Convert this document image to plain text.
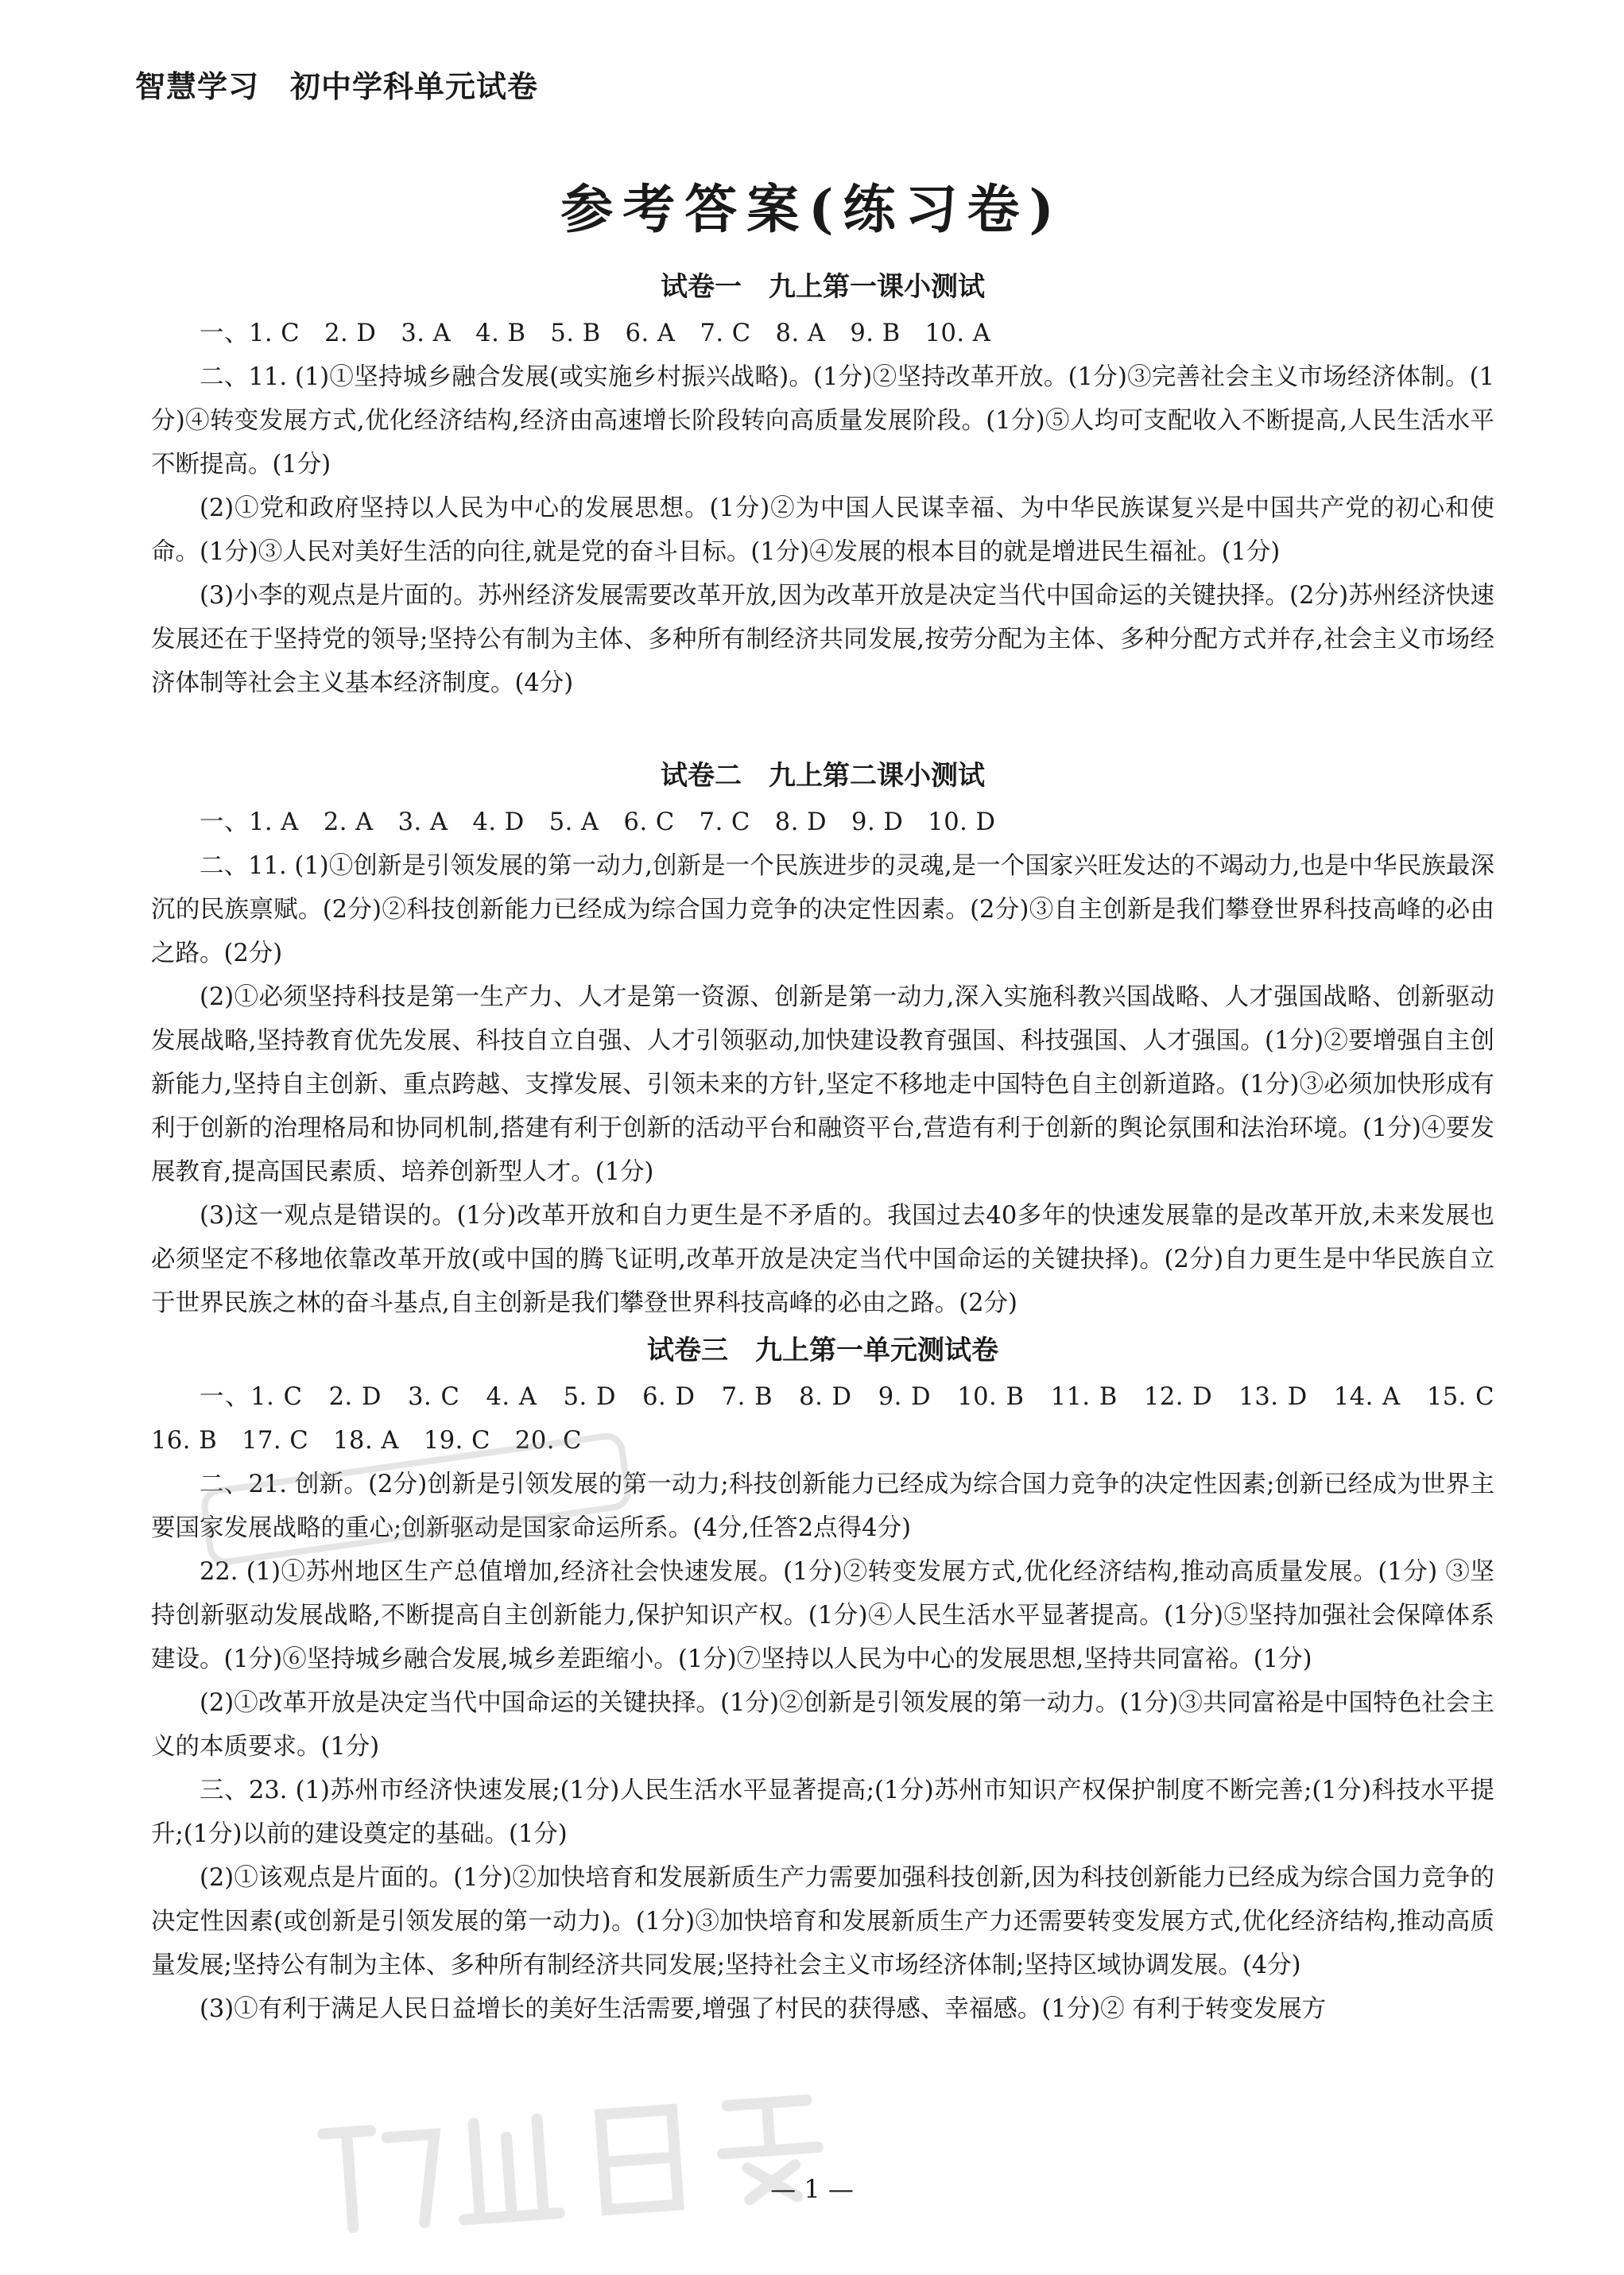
智慧学习　初中学科单元试卷
参考答案(练习卷)
试卷一　九上第一课小测试

一、1. C　2. D　3. A　4. B　5. B　6. A　7. C　8. A　9. B　10. A

二、11. (1)①坚持城乡融合发展(或实施乡村振兴战略)。(1分)②坚持改革开放。(1分)③完善社会主义市场经济体制。(1分)④转变发展方式,优化经济结构,经济由高速增长阶段转向高质量发展阶段。(1分)⑤人均可支配收入不断提高,人民生活水平不断提高。(1分)

(2)①党和政府坚持以人民为中心的发展思想。(1分)②为中国人民谋幸福、为中华民族谋复兴是中国共产党的初心和使命。(1分)③人民对美好生活的向往,就是党的奋斗目标。(1分)④发展的根本目的就是增进民生福祉。(1分)

(3)小李的观点是片面的。苏州经济发展需要改革开放,因为改革开放是决定当代中国命运的关键抉择。(2分)苏州经济快速发展还在于坚持党的领导;坚持公有制为主体、多种所有制经济共同发展,按劳分配为主体、多种分配方式并存,社会主义市场经济体制等社会主义基本经济制度。(4分)

试卷二　九上第二课小测试

一、1. A　2. A　3. A　4. D　5. A　6. C　7. C　8. D　9. D　10. D

二、11. (1)①创新是引领发展的第一动力,创新是一个民族进步的灵魂,是一个国家兴旺发达的不竭动力,也是中华民族最深沉的民族禀赋。(2分)②科技创新能力已经成为综合国力竞争的决定性因素。(2分)③自主创新是我们攀登世界科技高峰的必由之路。(2分)

(2)①必须坚持科技是第一生产力、人才是第一资源、创新是第一动力,深入实施科教兴国战略、人才强国战略、创新驱动发展战略,坚持教育优先发展、科技自立自强、人才引领驱动,加快建设教育强国、科技强国、人才强国。(1分)②要增强自主创新能力,坚持自主创新、重点跨越、支撑发展、引领未来的方针,坚定不移地走中国特色自主创新道路。(1分)③必须加快形成有利于创新的治理格局和协同机制,搭建有利于创新的活动平台和融资平台,营造有利于创新的舆论氛围和法治环境。(1分)④要发展教育,提高国民素质、培养创新型人才。(1分)

(3)这一观点是错误的。(1分)改革开放和自力更生是不矛盾的。我国过去40多年的快速发展靠的是改革开放,未来发展也必须坚定不移地依靠改革开放(或中国的腾飞证明,改革开放是决定当代中国命运的关键抉择)。(2分)自力更生是中华民族自立于世界民族之林的奋斗基点,自主创新是我们攀登世界科技高峰的必由之路。(2分)

试卷三　九上第一单元测试卷

一、1. C　2. D　3. C　4. A　5. D　6. D　7. B　8. D　9. D　10. B　11. B　12. D　13. D　14. A　15. C　16. B　17. C　18. A　19. C　20. C

二、21. 创新。(2分)创新是引领发展的第一动力;科技创新能力已经成为综合国力竞争的决定性因素;创新已经成为世界主要国家发展战略的重心;创新驱动是国家命运所系。(4分,任答2点得4分)

22. (1)①苏州地区生产总值增加,经济社会快速发展。(1分)②转变发展方式,优化经济结构,推动高质量发展。(1分) ③坚持创新驱动发展战略,不断提高自主创新能力,保护知识产权。(1分)④人民生活水平显著提高。(1分)⑤坚持加强社会保障体系建设。(1分)⑥坚持城乡融合发展,城乡差距缩小。(1分)⑦坚持以人民为中心的发展思想,坚持共同富裕。(1分)

(2)①改革开放是决定当代中国命运的关键抉择。(1分)②创新是引领发展的第一动力。(1分)③共同富裕是中国特色社会主义的本质要求。(1分)

三、23. (1)苏州市经济快速发展;(1分)人民生活水平显著提高;(1分)苏州市知识产权保护制度不断完善;(1分)科技水平提升;(1分)以前的建设奠定的基础。(1分)

(2)①该观点是片面的。(1分)②加快培育和发展新质生产力需要加强科技创新,因为科技创新能力已经成为综合国力竞争的决定性因素(或创新是引领发展的第一动力)。(1分)③加快培育和发展新质生产力还需要转变发展方式,优化经济结构,推动高质量发展;坚持公有制为主体、多种所有制经济共同发展;坚持社会主义市场经济体制;坚持区域协调发展。(4分)

(3)①有利于满足人民日益增长的美好生活需要,增强了村民的获得感、幸福感。(1分)② 有利于转变发展方

— 1 —
